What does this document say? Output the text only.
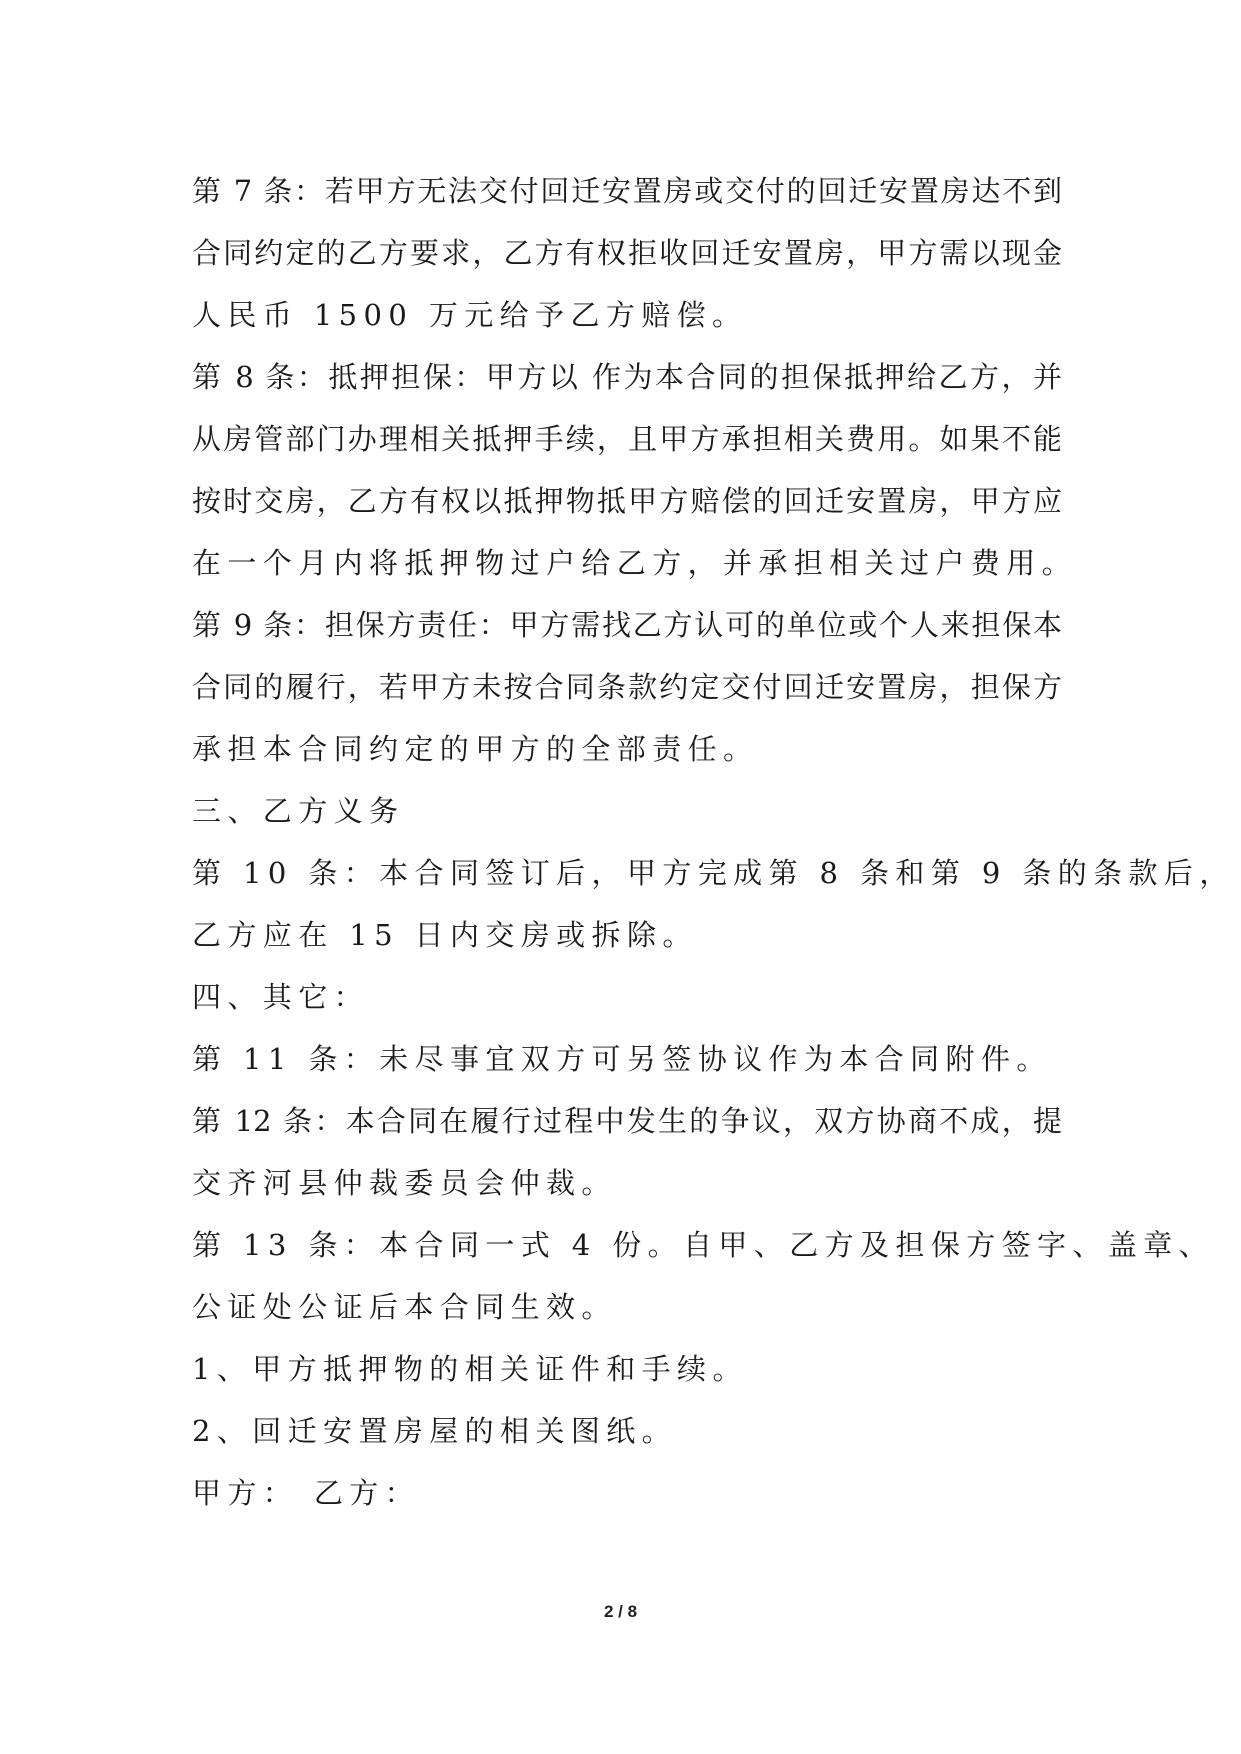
第 7 条：若甲方无法交付回迁安置房或交付的回迁安置房达不到
合同约定的乙方要求，乙方有权拒收回迁安置房，甲方需以现金
人民币 1500 万元给予乙方赔偿。
第 8 条：抵押担保：甲方以 作为本合同的担保抵押给乙方，并
从房管部门办理相关抵押手续，且甲方承担相关费用。如果不能
按时交房，乙方有权以抵押物抵甲方赔偿的回迁安置房，甲方应
在一个月内将抵押物过户给乙方，并承担相关过户费用。
第 9 条：担保方责任：甲方需找乙方认可的单位或个人来担保本
合同的履行，若甲方未按合同条款约定交付回迁安置房，担保方
承担本合同约定的甲方的全部责任。
三、乙方义务
第 10 条：本合同签订后，甲方完成第 8 条和第 9 条的条款后，
乙方应在 15 日内交房或拆除。
四、其它：
第 11 条：未尽事宜双方可另签协议作为本合同附件。
第 12 条：本合同在履行过程中发生的争议，双方协商不成，提
交齐河县仲裁委员会仲裁。
第 13 条：本合同一式 4 份。自甲、乙方及担保方签字、盖章、
公证处公证后本合同生效。
1、甲方抵押物的相关证件和手续。
2、回迁安置房屋的相关图纸。
甲方： 乙方：
2 / 8
